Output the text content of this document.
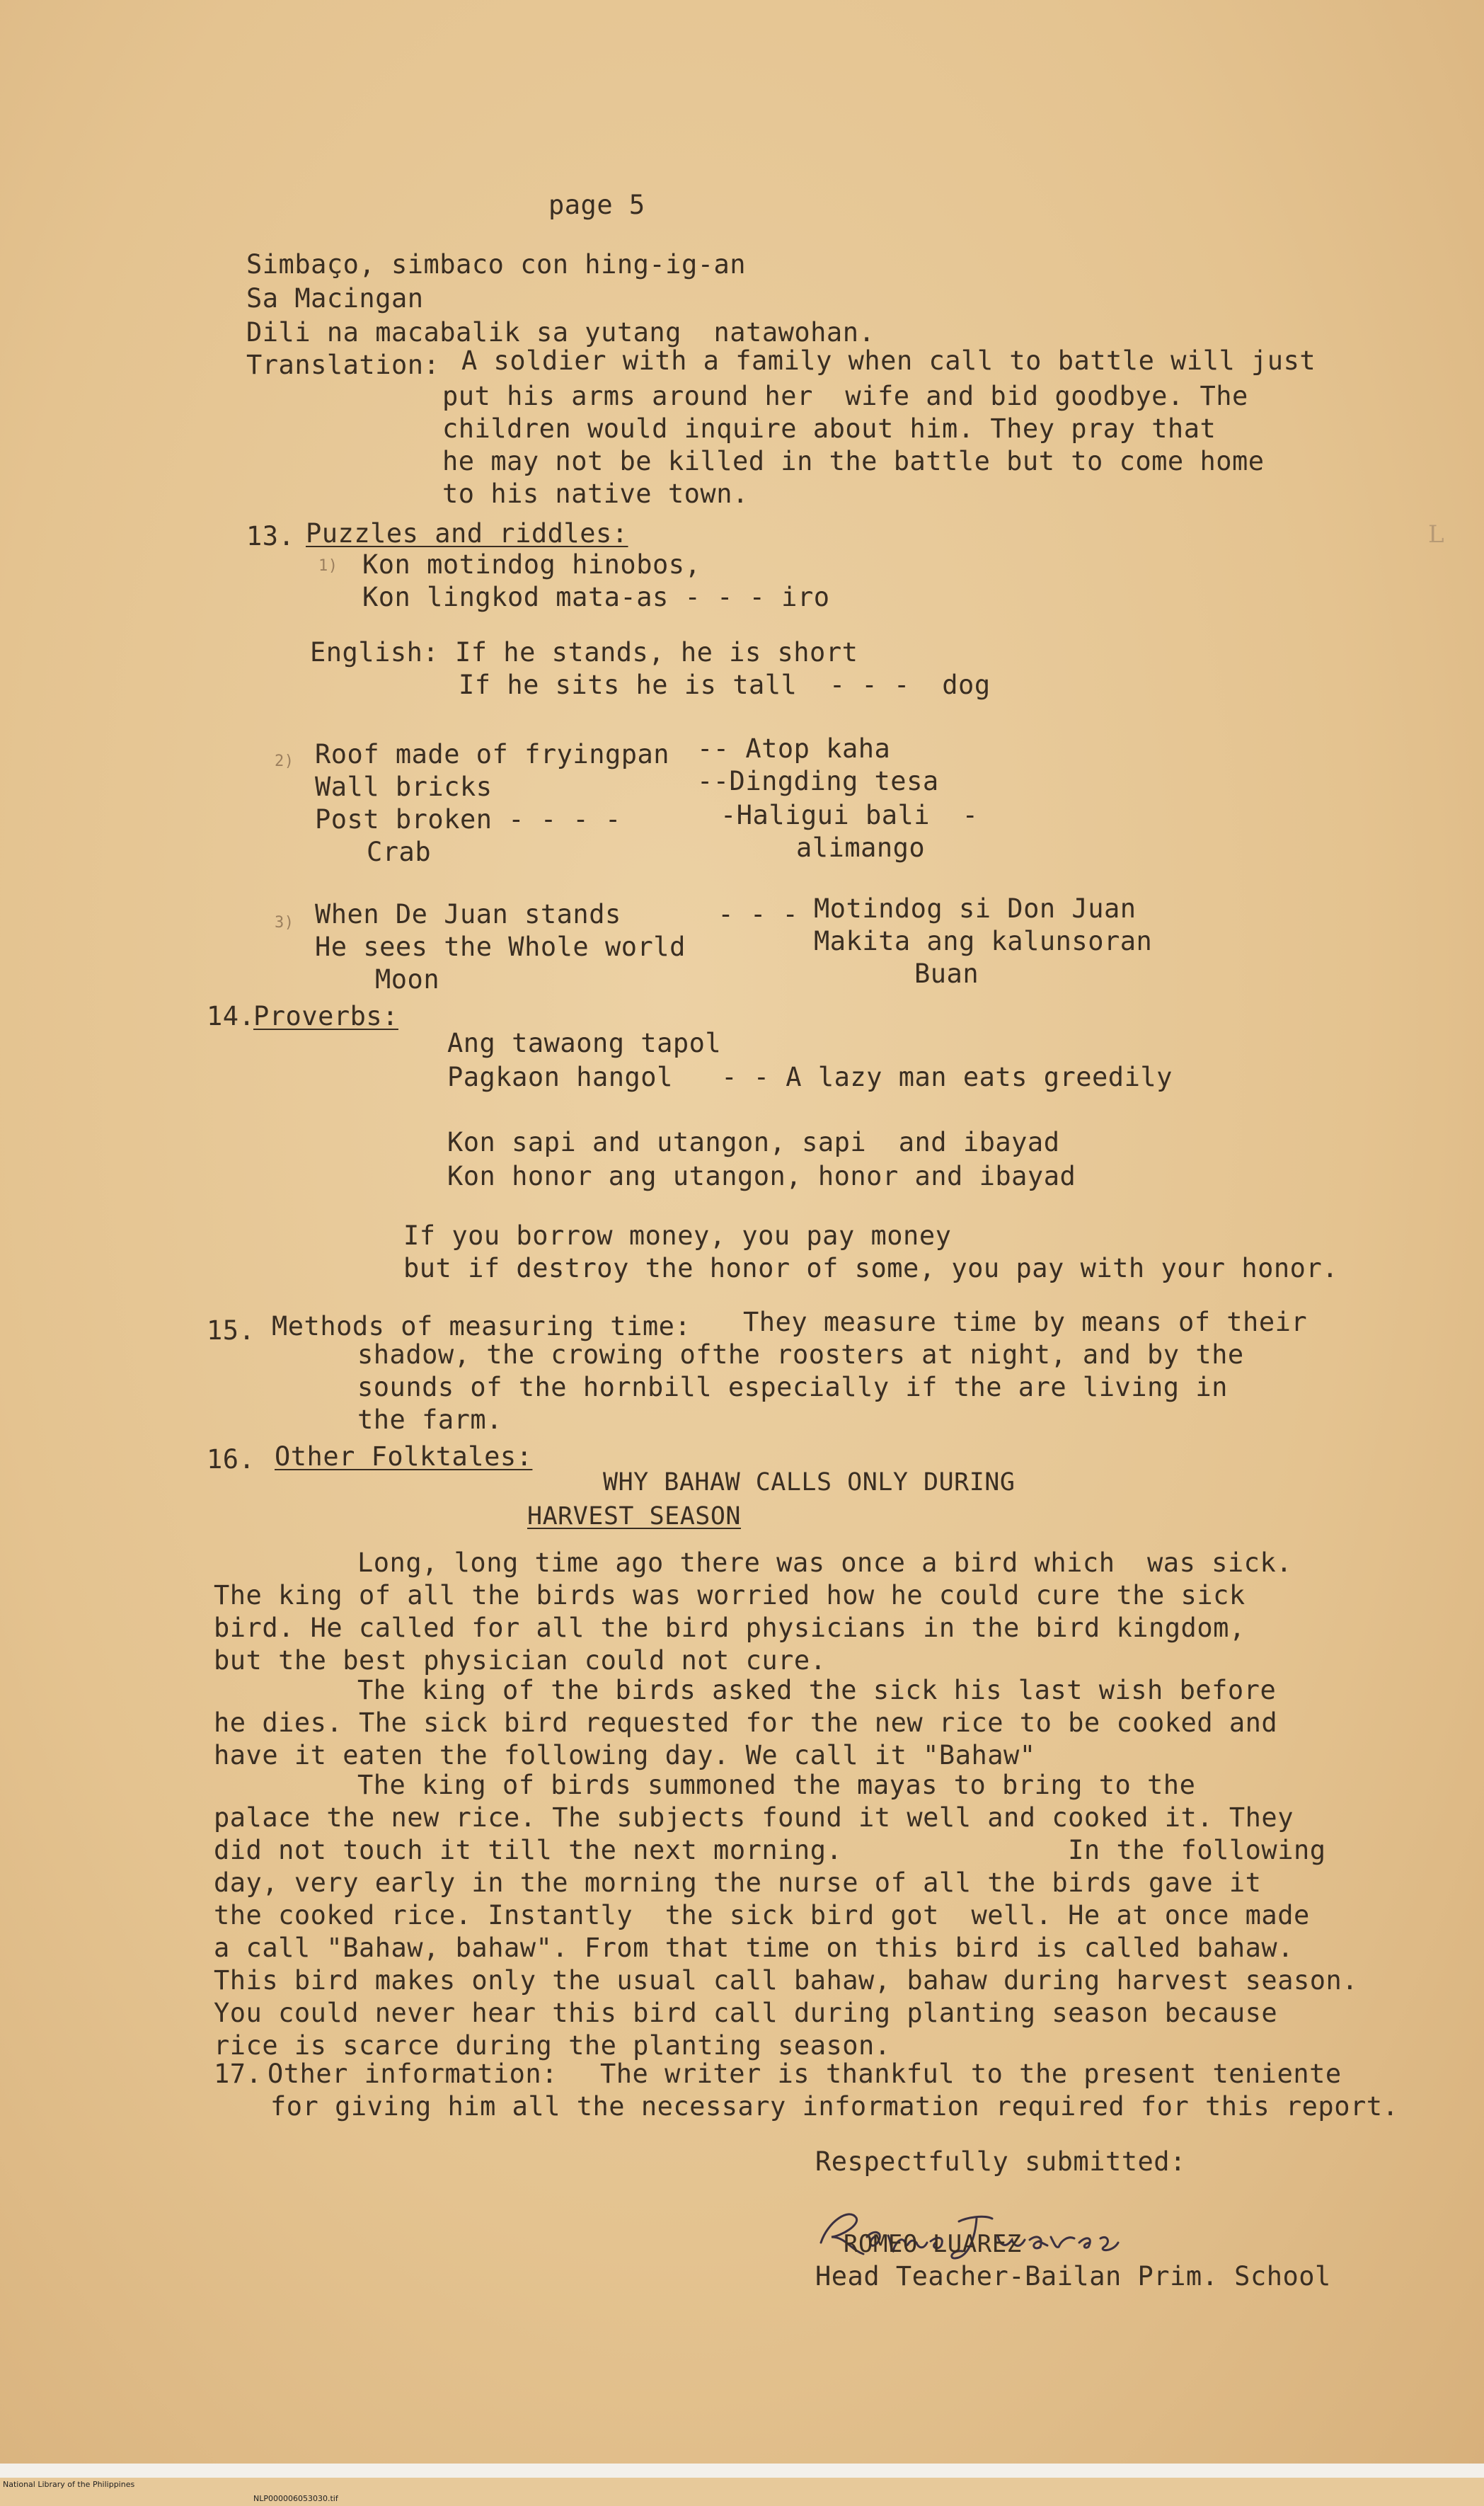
page 5
Simbaço, simbaco con hing-ig-an
Sa Macingan
Dili na macabalik sa yutang  natawohan.
Translation: A soldier with a family when call to battle will just
put his arms around her  wife and bid goodbye. The
children would inquire about him. They pray that
he may not be killed in the battle but to come home
to his native town.
13. Puzzles and riddles:
1) Kon motindog hinobos,
Kon lingkod mata-as - - - iro
English: If he stands, he is short
If he sits he is tall  - - -  dog
2) Roof made of fryingpan
Wall bricks
Post broken - - - -
Crab
-- Atop kaha
--Dingding tesa
-Haligui bali  -
alimango
3) When De Juan stands      - - -
He sees the Whole world
Moon
Motindog si Don Juan
Makita ang kalunsoran
Buan
14.
Proverbs:
Ang tawaong tapol
Pagkaon hangol   - - A lazy man eats greedily
Kon sapi and utangon, sapi  and ibayad
Kon honor ang utangon, honor and ibayad
If you borrow money, you pay money
but if destroy the honor of some, you pay with your honor.
15. Methods of measuring time: They measure time by means of their
shadow, the crowing ofthe roosters at night, and by the
sounds of the hornbill especially if the are living in
the farm.
16. Other Folktales:
WHY BAHAW CALLS ONLY DURING
HARVEST SEASON
Long, long time ago there was once a bird which  was sick.
The king of all the birds was worried how he could cure the sick
bird. He called for all the bird physicians in the bird kingdom,
but the best physician could not cure.
The king of the birds asked the sick his last wish before
he dies. The sick bird requested for the new rice to be cooked and
have it eaten the following day. We call it "Bahaw"
The king of birds summoned the mayas to bring to the
palace the new rice. The subjects found it well and cooked it. They
did not touch it till the next morning.              In the following
day, very early in the morning the nurse of all the birds gave it
the cooked rice. Instantly  the sick bird got  well. He at once made
a call "Bahaw, bahaw". From that time on this bird is called bahaw.
This bird makes only the usual call bahaw, bahaw during harvest season.
You could never hear this bird call during planting season because
rice is scarce during the planting season.
17. Other information: The writer is thankful to the present teniente
for giving him all the necessary information required for this report.
Respectfully submitted:
ROMEO LUAREZ
Head Teacher-Bailan Prim. School
L

National Library of the Philippines

NLP000006053030.tif
